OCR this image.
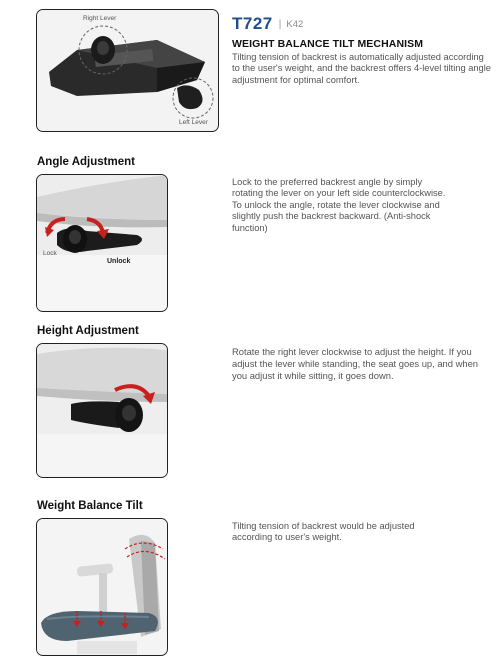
Right Lever
Left Lever
T727 | K42
WEIGHT BALANCE TILT MECHANISM
Tilting tension of backrest is automatically adjusted according to the user's weight, and the backrest offers 4-level tilting angle adjustment for optimal comfort.
Angle Adjustment
Lock
Unlock
Lock to the preferred backrest angle by simply rotating the lever on your left side counterclockwise. To unlock the angle, rotate the lever clockwise and slightly push the backrest backward. (Anti-shock function)
Height Adjustment
Rotate the right lever clockwise to adjust the height. If you adjust the lever while standing, the seat goes up, and when you adjust it while sitting, it goes down.
Weight Balance Tilt
Tilting tension of backrest would be adjusted according to user's weight.
